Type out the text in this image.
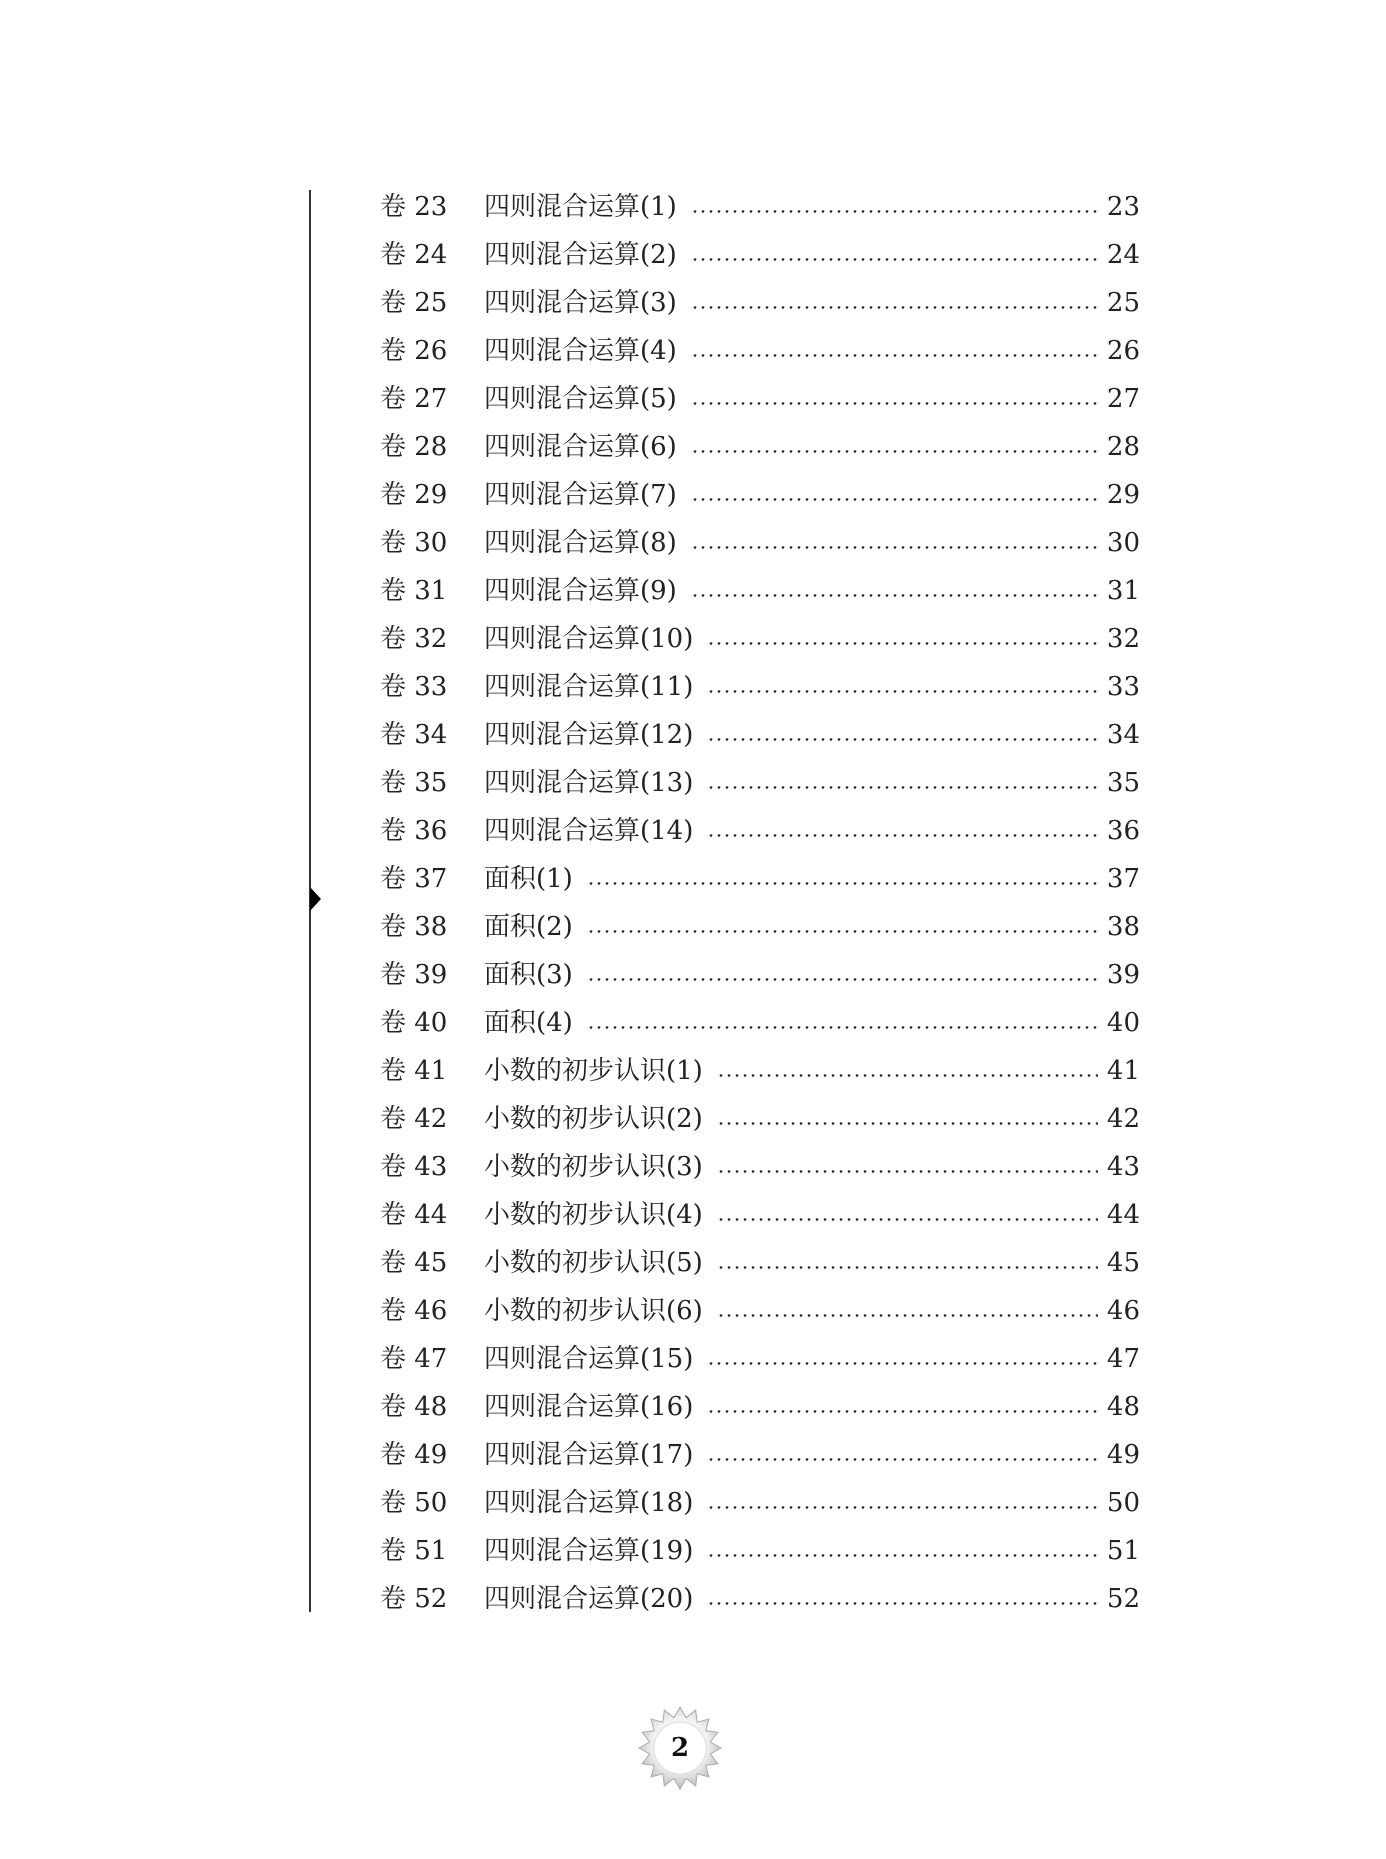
卷 23 四则混合运算(1)	23
卷 24 四则混合运算(2)	24
卷 25 四则混合运算(3)	25
卷 26 四则混合运算(4)	26
卷 27 四则混合运算(5)	27
卷 28 四则混合运算(6)	28
卷 29 四则混合运算(7)	29
卷 30 四则混合运算(8)	30
卷 31 四则混合运算(9)	31
卷 32 四则混合运算(10)	32
卷 33 四则混合运算(11)	33
卷 34 四则混合运算(12)	34
卷 35 四则混合运算(13)	35
卷 36 四则混合运算(14)	36
卷 37 面积(1)	37
卷 38 面积(2)	38
卷 39 面积(3)	39
卷 40 面积(4)	40
卷 41 小数的初步认识(1)	41
卷 42 小数的初步认识(2)	42
卷 43 小数的初步认识(3)	43
卷 44 小数的初步认识(4)	44
卷 45 小数的初步认识(5)	45
卷 46 小数的初步认识(6)	46
卷 47 四则混合运算(15)	47
卷 48 四则混合运算(16)	48
卷 49 四则混合运算(17)	49
卷 50 四则混合运算(18)	50
卷 51 四则混合运算(19)	51
卷 52 四则混合运算(20)	52
2
